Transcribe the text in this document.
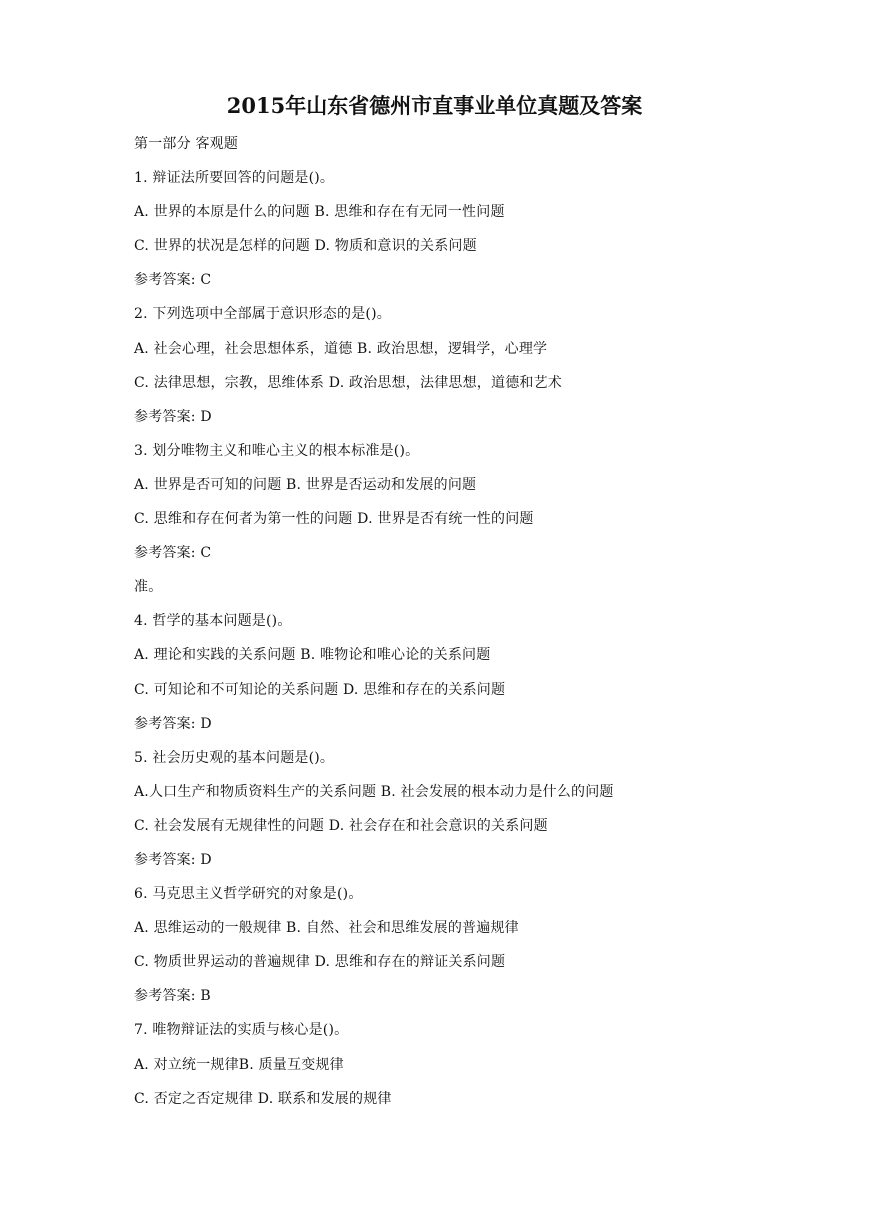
2015年山东省德州市直事业单位真题及答案
第一部分 客观题
1. 辩证法所要回答的问题是()。
A. 世界的本原是什么的问题 B. 思维和存在有无同一性问题
C. 世界的状况是怎样的问题 D. 物质和意识的关系问题
参考答案: C
2. 下列选项中全部属于意识形态的是()。
A. 社会心理，社会思想体系，道德 B. 政治思想，逻辑学，心理学
C. 法律思想，宗教，思维体系 D. 政治思想，法律思想，道德和艺术
参考答案: D
3. 划分唯物主义和唯心主义的根本标准是()。
A. 世界是否可知的问题 B. 世界是否运动和发展的问题
C. 思维和存在何者为第一性的问题 D. 世界是否有统一性的问题
参考答案: C
准。
4. 哲学的基本问题是()。
A. 理论和实践的关系问题 B. 唯物论和唯心论的关系问题
C. 可知论和不可知论的关系问题 D. 思维和存在的关系问题
参考答案: D
5. 社会历史观的基本问题是()。
A.人口生产和物质资料生产的关系问题 B. 社会发展的根本动力是什么的问题
C. 社会发展有无规律性的问题 D. 社会存在和社会意识的关系问题
参考答案: D
6. 马克思主义哲学研究的对象是()。
A. 思维运动的一般规律 B. 自然、社会和思维发展的普遍规律
C. 物质世界运动的普遍规律 D. 思维和存在的辩证关系问题
参考答案: B
7. 唯物辩证法的实质与核心是()。
A. 对立统一规律B. 质量互变规律
C. 否定之否定规律 D. 联系和发展的规律
